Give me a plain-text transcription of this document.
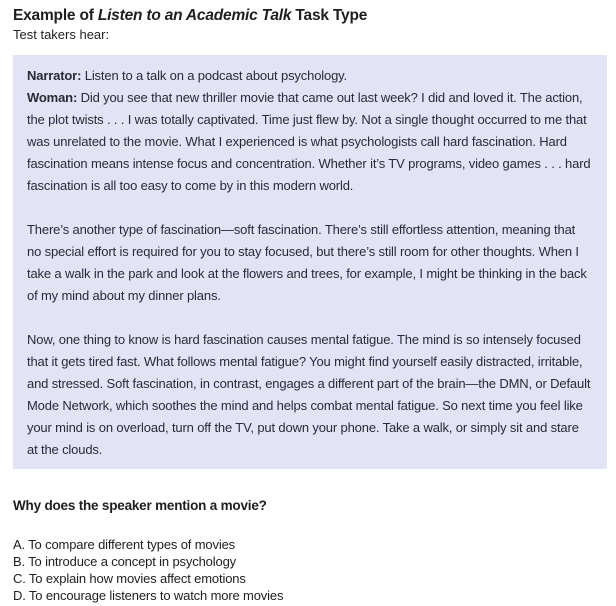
Example of Listen to an Academic Talk Task Type
Test takers hear:

Narrator: Listen to a talk on a podcast about psychology.
Woman: Did you see that new thriller movie that came out last week? I did and loved it. The action, the plot twists . . . I was totally captivated. Time just flew by. Not a single thought occurred to me that was unrelated to the movie. What I experienced is what psychologists call hard fascination. Hard fascination means intense focus and concentration. Whether it’s TV programs, video games . . . hard fascination is all too easy to come by in this modern world.

There’s another type of fascination—soft fascination. There’s still effortless attention, meaning that no special effort is required for you to stay focused, but there’s still room for other thoughts. When I take a walk in the park and look at the flowers and trees, for example, I might be thinking in the back of my mind about my dinner plans.

Now, one thing to know is hard fascination causes mental fatigue. The mind is so intensely focused that it gets tired fast. What follows mental fatigue? You might find yourself easily distracted, irritable, and stressed. Soft fascination, in contrast, engages a different part of the brain—the DMN, or Default Mode Network, which soothes the mind and helps combat mental fatigue. So next time you feel like your mind is on overload, turn off the TV, put down your phone. Take a walk, or simply sit and stare at the clouds.

Why does the speaker mention a movie?
A. To compare different types of movies
B. To introduce a concept in psychology
C. To explain how movies affect emotions
D. To encourage listeners to watch more movies
